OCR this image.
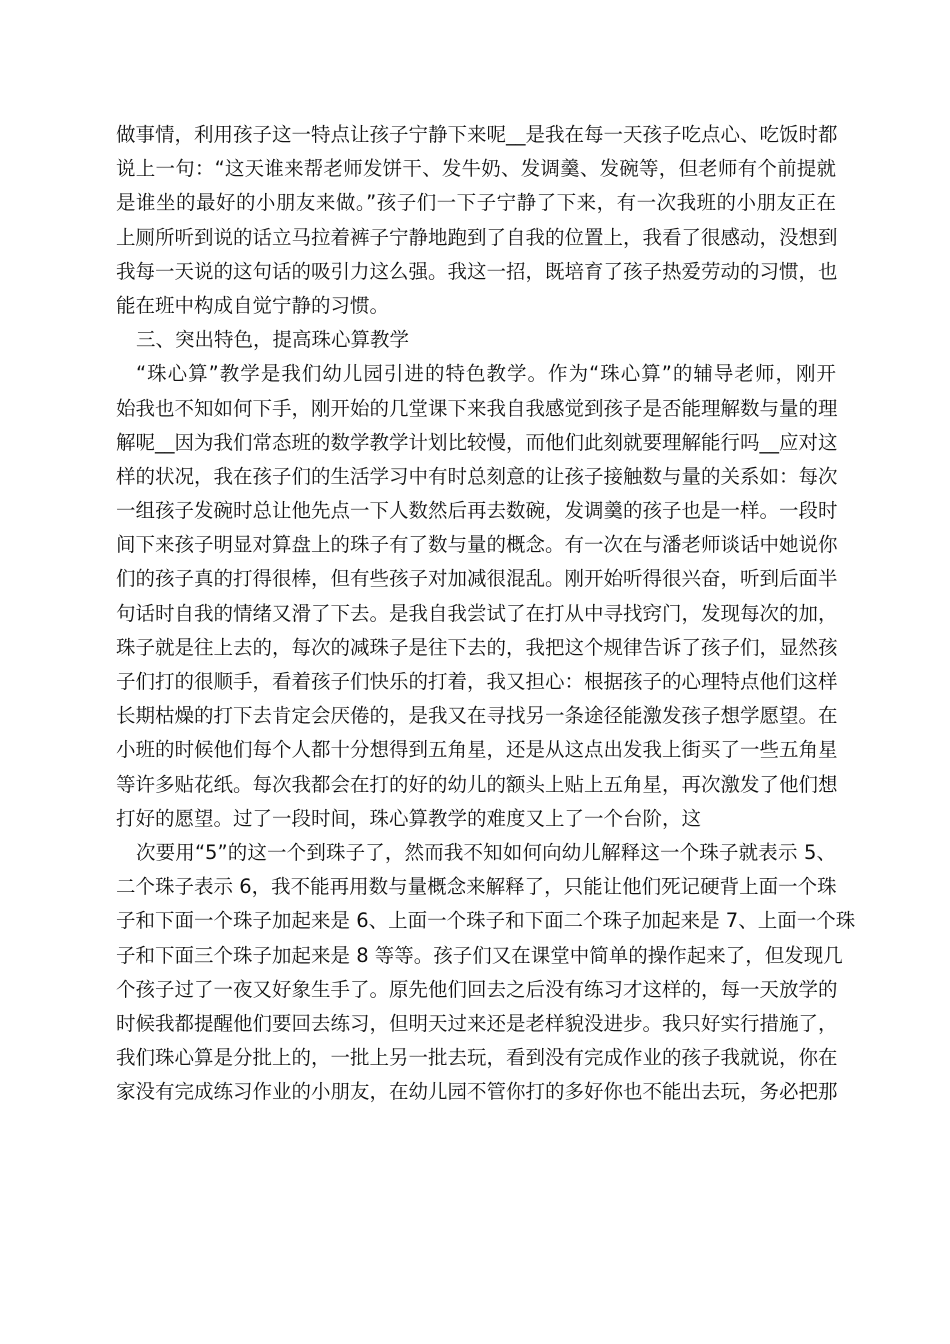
做事情，利用孩子这一特点让孩子宁静下来呢__是我在每一天孩子吃点心、吃饭时都
说上一句：“这天谁来帮老师发饼干、发牛奶、发调羹、发碗等，但老师有个前提就
是谁坐的最好的小朋友来做。”孩子们一下子宁静了下来，有一次我班的小朋友正在
上厕所听到说的话立马拉着裤子宁静地跑到了自我的位置上，我看了很感动，没想到
我每一天说的这句话的吸引力这么强。我这一招，既培育了孩子热爱劳动的习惯，也
能在班中构成自觉宁静的习惯。
三、突出特色，提高珠心算教学
“珠心算”教学是我们幼儿园引进的特色教学。作为“珠心算”的辅导老师，刚开
始我也不知如何下手，刚开始的几堂课下来我自我感觉到孩子是否能理解数与量的理
解呢__因为我们常态班的数学教学计划比较慢，而他们此刻就要理解能行吗__应对这
样的状况，我在孩子们的生活学习中有时总刻意的让孩子接触数与量的关系如：每次
一组孩子发碗时总让他先点一下人数然后再去数碗，发调羹的孩子也是一样。一段时
间下来孩子明显对算盘上的珠子有了数与量的概念。有一次在与潘老师谈话中她说你
们的孩子真的打得很棒，但有些孩子对加减很混乱。刚开始听得很兴奋，听到后面半
句话时自我的情绪又滑了下去。是我自我尝试了在打从中寻找窍门，发现每次的加，
珠子就是往上去的，每次的减珠子是往下去的，我把这个规律告诉了孩子们，显然孩
子们打的很顺手，看着孩子们快乐的打着，我又担心：根据孩子的心理特点他们这样
长期枯燥的打下去肯定会厌倦的，是我又在寻找另一条途径能激发孩子想学愿望。在
小班的时候他们每个人都十分想得到五角星，还是从这点出发我上街买了一些五角星
等许多贴花纸。每次我都会在打的好的幼儿的额头上贴上五角星，再次激发了他们想
打好的愿望。过了一段时间，珠心算教学的难度又上了一个台阶，这
次要用“5”的这一个到珠子了，然而我不知如何向幼儿解释这一个珠子就表示 5、
二个珠子表示 6，我不能再用数与量概念来解释了，只能让他们死记硬背上面一个珠
子和下面一个珠子加起来是 6、上面一个珠子和下面二个珠子加起来是 7、上面一个珠
子和下面三个珠子加起来是 8 等等。孩子们又在课堂中简单的操作起来了，但发现几
个孩子过了一夜又好象生手了。原先他们回去之后没有练习才这样的，每一天放学的
时候我都提醒他们要回去练习，但明天过来还是老样貌没进步。我只好实行措施了，
我们珠心算是分批上的，一批上另一批去玩，看到没有完成作业的孩子我就说，你在
家没有完成练习作业的小朋友，在幼儿园不管你打的多好你也不能出去玩，务必把那
